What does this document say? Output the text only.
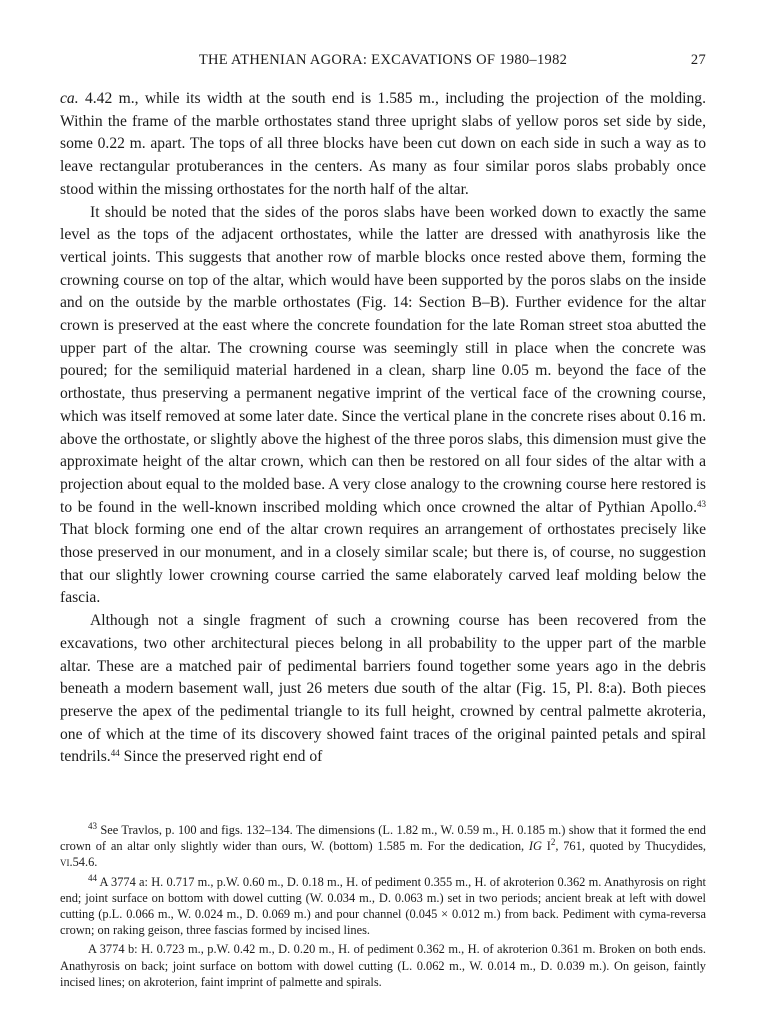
THE ATHENIAN AGORA: EXCAVATIONS OF 1980–1982	27

ca. 4.42 m., while its width at the south end is 1.585 m., including the projection of the molding. Within the frame of the marble orthostates stand three upright slabs of yellow poros set side by side, some 0.22 m. apart. The tops of all three blocks have been cut down on each side in such a way as to leave rectangular protuberances in the centers. As many as four similar poros slabs probably once stood within the missing orthostates for the north half of the altar.

It should be noted that the sides of the poros slabs have been worked down to exactly the same level as the tops of the adjacent orthostates, while the latter are dressed with anathyrosis like the vertical joints. This suggests that another row of marble blocks once rested above them, forming the crowning course on top of the altar, which would have been supported by the poros slabs on the inside and on the outside by the marble orthostates (Fig. 14: Section B–B). Further evidence for the altar crown is preserved at the east where the concrete foundation for the late Roman street stoa abutted the upper part of the altar. The crowning course was seemingly still in place when the concrete was poured; for the semiliquid material hardened in a clean, sharp line 0.05 m. beyond the face of the orthostate, thus preserving a permanent negative imprint of the vertical face of the crowning course, which was itself removed at some later date. Since the vertical plane in the concrete rises about 0.16 m. above the orthostate, or slightly above the highest of the three poros slabs, this dimension must give the approximate height of the altar crown, which can then be restored on all four sides of the altar with a projection about equal to the molded base. A very close analogy to the crowning course here restored is to be found in the well-known inscribed molding which once crowned the altar of Pythian Apollo.$^{43}$ That block forming one end of the altar crown requires an arrangement of orthostates precisely like those preserved in our monument, and in a closely similar scale; but there is, of course, no suggestion that our slightly lower crowning course carried the same elaborately carved leaf molding below the fascia.

Although not a single fragment of such a crowning course has been recovered from the excavations, two other architectural pieces belong in all probability to the upper part of the marble altar. These are a matched pair of pedimental barriers found together some years ago in the debris beneath a modern basement wall, just 26 meters due south of the altar (Fig. 15, Pl. 8:a). Both pieces preserve the apex of the pedimental triangle to its full height, crowned by central palmette akroteria, one of which at the time of its discovery showed faint traces of the original painted petals and spiral tendrils.$^{44}$ Since the preserved right end of

$^{43}$ See Travlos, p. 100 and figs. 132–134. The dimensions (L. 1.82 m., W. 0.59 m., H. 0.185 m.) show that it formed the end crown of an altar only slightly wider than ours, W. (bottom) 1.585 m. For the dedication, IG $I^2$, 761, quoted by Thucydides, vi.54.6.

$^{44}$ A 3774 a: H. 0.717 m., p.W. 0.60 m., D. 0.18 m., H. of pediment 0.355 m., H. of akroterion 0.362 m. Anathyrosis on right end; joint surface on bottom with dowel cutting (W. 0.034 m., D. 0.063 m.) set in two periods; ancient break at left with dowel cutting (p.L. 0.066 m., W. 0.024 m., D. 0.069 m.) and pour channel (0.045 × 0.012 m.) from back. Pediment with cyma-reversa crown; on raking geison, three fascias formed by incised lines.

A 3774 b: H. 0.723 m., p.W. 0.42 m., D. 0.20 m., H. of pediment 0.362 m., H. of akroterion 0.361 m. Broken on both ends. Anathyrosis on back; joint surface on bottom with dowel cutting (L. 0.062 m., W. 0.014 m., D. 0.039 m.). On geison, faintly incised lines; on akroterion, faint imprint of palmette and spirals.
